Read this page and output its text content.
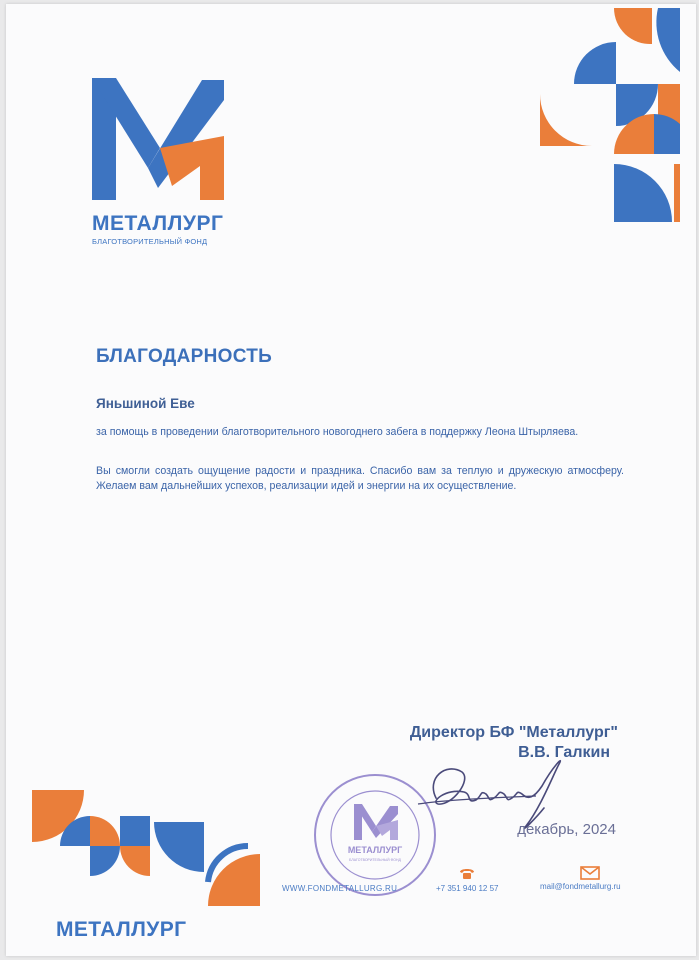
МЕТАЛЛУРГ
БЛАГОТВОРИТЕЛЬНЫЙ ФОНД
БЛАГОДАРНОСТЬ
Яньшиной Еве
за помощь в проведении благотворительного новогоднего забега в поддержку Леона Штырляева.
Вы смогли создать ощущение радости и праздника. Спасибо вам за теплую и дружескую атмосферу. Желаем вам дальнейших успехов, реализации идей и энергии на их осуществление.
Директор БФ "Металлург"
В.В. Галкин
МЕТАЛЛУРГ
БЛАГОТВОРИТЕЛЬНЫЙ ФОНД
декабрь, 2024
WWW.FONDMETALLURG.RU	+7 351 940 12 57	mail@fondmetallurg.ru
МЕТАЛЛУРГ
